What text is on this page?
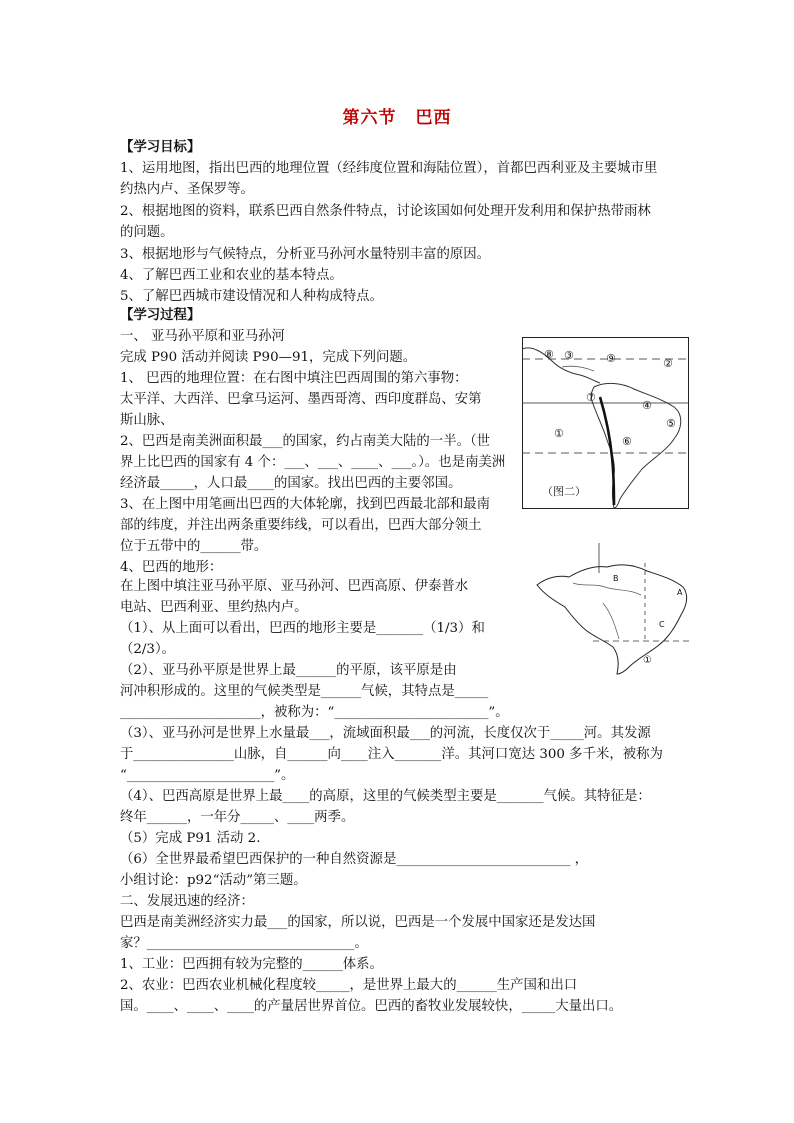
第六节 巴西
【学习目标】
1、运用地图，指出巴西的地理位置（经纬度位置和海陆位置），首都巴西利亚及主要城市里
约热内卢、圣保罗等。
2、根据地图的资料，联系巴西自然条件特点，讨论该国如何处理开发利用和保护热带雨林
的问题。
3、根据地形与气候特点，分析亚马孙河水量特别丰富的原因。
4、了解巴西工业和农业的基本特点。
5、了解巴西城市建设情况和人种构成特点。
【学习过程】
一、 亚马孙平原和亚马孙河
完成 P90 活动并阅读 P90—91，完成下列问题。
1、 巴西的地理位置：在右图中填注巴西周围的第六事物：
太平洋、大西洋、巴拿马运河、墨西哥湾、西印度群岛、安第
斯山脉、
2、巴西是南美洲面积最___的国家，约占南美大陆的一半。（世
界上比巴西的国家有 4 个：___、___、____、___。）。也是南美洲
经济最_____，人口最____的国家。找出巴西的主要邻国。
3、在上图中用笔画出巴西的大体轮廓，找到巴西最北部和最南
部的纬度，并注出两条重要纬线，可以看出，巴西大部分领土
位于五带中的______带。
4、巴西的地形：
在上图中填注亚马孙平原、亚马孙河、巴西高原、伊泰普水
电站、巴西利亚、里约热内卢。
（1）、从上面可以看出，巴西的地形主要是_______（1/3）和
（2/3）。
（2）、亚马孙平原是世界上最______的平原，该平原是由
河冲积形成的。这里的气候类型是______气候，其特点是_____
_____________________，被称为：“_______________________”。
（3）、亚马孙河是世界上水量最___，流域面积最___的河流，长度仅次于_____河。其发源
于_______________山脉，自______向____注入_______洋。其河口宽达 300 多千米，被称为
“______________________”。
（4）、巴西高原是世界上最____的高原，这里的气候类型主要是_______气候。其特征是：
终年______，一年分_____、____两季。
（5）完成 P91 活动 2.
（6）全世界最希望巴西保护的一种自然资源是__________________________ ，
小组讨论：p92“活动”第三题。
二、发展迅速的经济：
巴西是南美洲经济实力最___的国家，所以说，巴西是一个发展中国家还是发达国
家？_______________________________。
1、工业：巴西拥有较为完整的______体系。
2、农业：巴西农业机械化程度较_____，是世界上最大的______生产国和出口
国。____、____、____的产量居世界首位。巴西的畜牧业发展较快，_____大量出口。
⑧ ③	⑨	②
⑦
④
①
⑤
⑥
（图二）
B
A
C
①
